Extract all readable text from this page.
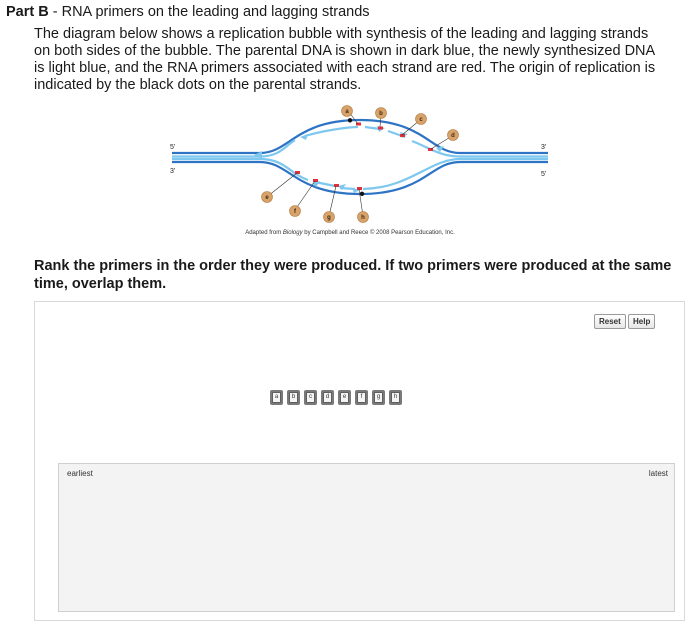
Part B - RNA primers on the leading and lagging strands
The diagram below shows a replication bubble with synthesis of the leading and lagging strands on both sides of the bubble. The parental DNA is shown in dark blue, the newly synthesized DNA is light blue, and the RNA primers associated with each strand are red. The origin of replication is indicated by the black dots on the parental strands.
a	b
c
d
e
f
g	h
5'
3'
3'
5'
Adapted from Biology by Campbell and Reece © 2008 Pearson Education, Inc.
Rank the primers in the order they were produced. If two primers were produced at the same time, overlap them.
Reset	Help
a	b	c	d	e	f	g	h
earliest	latest
